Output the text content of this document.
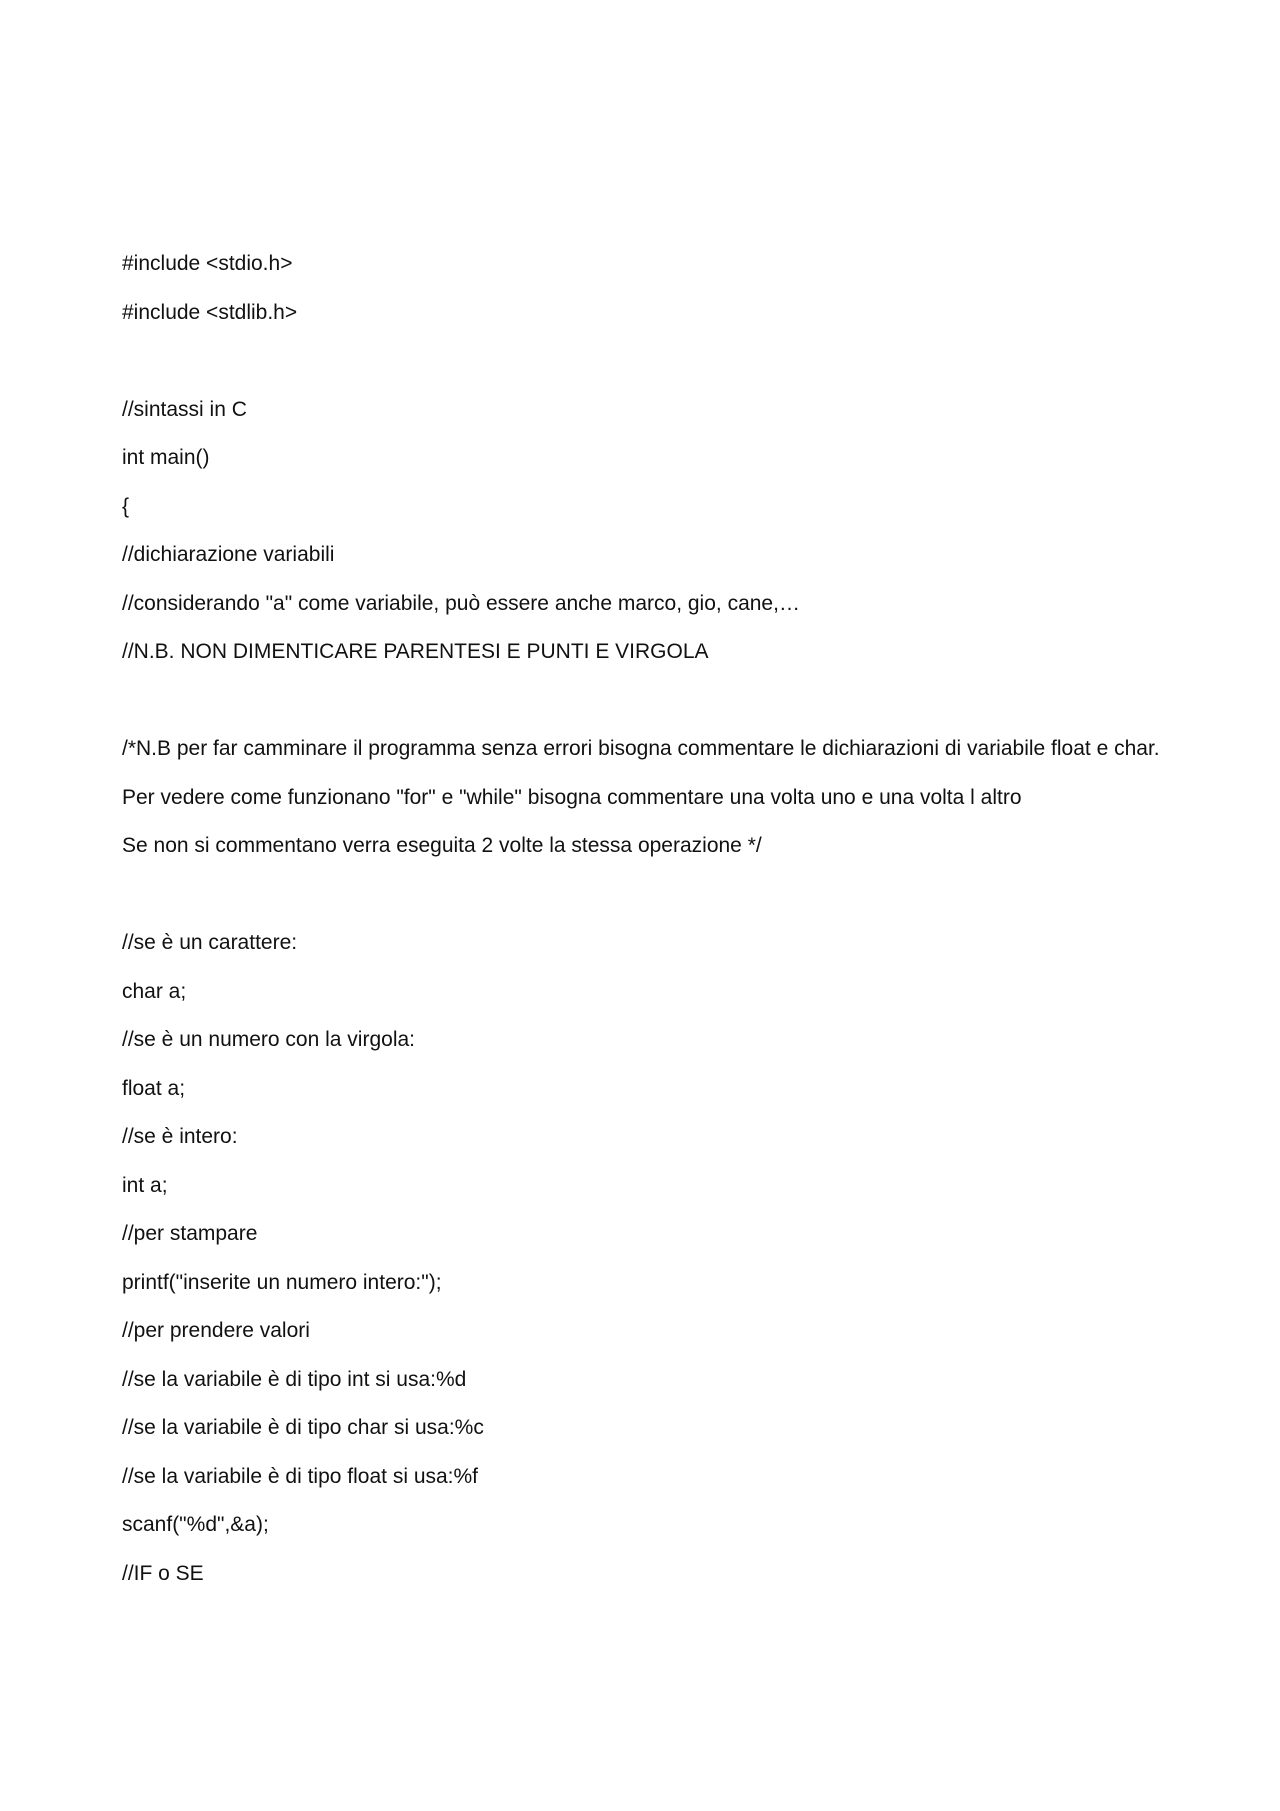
#include <stdio.h>
#include <stdlib.h>
//sintassi in C
int main()
{
//dichiarazione variabili
//considerando "a" come variabile, può essere anche marco, gio, cane,…
//N.B. NON DIMENTICARE PARENTESI E PUNTI E VIRGOLA
/*N.B per far camminare il programma senza errori bisogna commentare le dichiarazioni di variabile float e char.
Per vedere come funzionano "for" e "while" bisogna commentare una volta uno e una volta l altro
Se non si commentano verra eseguita 2 volte la stessa operazione */
//se è un carattere:
char a;
//se è un numero con la virgola:
float a;
//se è intero:
int a;
//per stampare
printf("inserite un numero intero:");
//per prendere valori
//se la variabile è di tipo int si usa:%d
//se la variabile è di tipo char si usa:%c
//se la variabile è di tipo float si usa:%f
scanf("%d",&a);
//IF o SE
